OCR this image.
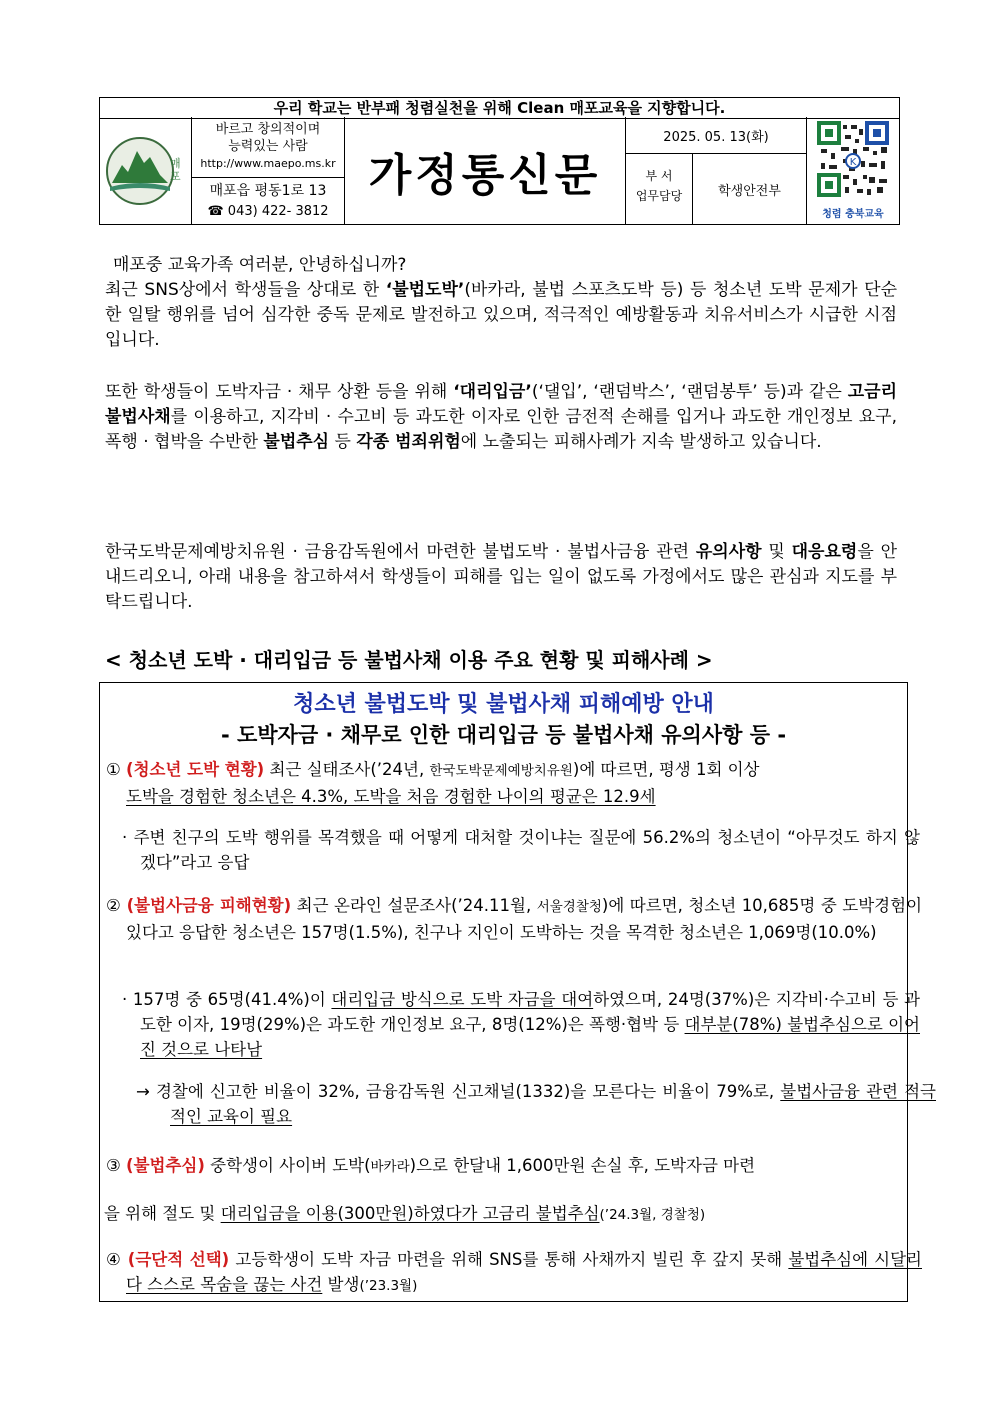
우리 학교는 반부패 청렴실천을 위해 Clean 매포교육을 지향합니다.
매포
바르고 창의적이며
능력있는 사람
http://www.maepo.ms.kr
매포읍 평동1로 13
☎ 043) 422- 3812
가정통신문
2025. 05. 13(화)
부 서
업무담당	학생안전부
K
청렴 충북교육
매포중 교육가족 여러분, 안녕하십니까?
최근 SNS상에서 학생들을 상대로 한 ‘불법도박’(바카라, 불법 스포츠도박 등) 등 청소년 도박 문제가 단순한 일탈 행위를 넘어 심각한 중독 문제로 발전하고 있으며, 적극적인 예방활동과 치유서비스가 시급한 시점입니다.
또한 학생들이 도박자금 · 채무 상환 등을 위해 ‘대리입금’(‘댈입’, ‘랜덤박스’, ‘랜덤봉투’ 등)과 같은 고금리 불법사채를 이용하고, 지각비 · 수고비 등 과도한 이자로 인한 금전적 손해를 입거나 과도한 개인정보 요구, 폭행 · 협박을 수반한 불법추심 등 각종 범죄위험에 노출되는 피해사례가 지속 발생하고 있습니다.
한국도박문제예방치유원 · 금융감독원에서 마련한 불법도박 · 불법사금융 관련 유의사항 및 대응요령을 안내드리오니, 아래 내용을 참고하셔서 학생들이 피해를 입는 일이 없도록 가정에서도 많은 관심과 지도를 부탁드립니다.
< 청소년 도박 · 대리입금 등 불법사채 이용 주요 현황 및 피해사례 >
청소년 불법도박 및 불법사채 피해예방 안내
- 도박자금 · 채무로 인한 대리입금 등 불법사채 유의사항 등 -
① (청소년 도박 현황) 최근 실태조사(’24년, 한국도박문제예방치유원)에 따르면, 평생 1회 이상
도박을 경험한 청소년은 4.3%, 도박을 처음 경험한 나이의 평균은 12.9세
· 주변 친구의 도박 행위를 목격했을 때 어떻게 대처할 것이냐는 질문에 56.2%의 청소년이 “아무것도 하지 않겠다”라고 응답
② (불법사금융 피해현황) 최근 온라인 설문조사(’24.11월, 서울경찰청)에 따르면, 청소년 10,685명 중 도박경험이 있다고 응답한 청소년은 157명(1.5%), 친구나 지인이 도박하는 것을 목격한 청소년은 1,069명(10.0%)
· 157명 중 65명(41.4%)이 대리입금 방식으로 도박 자금을 대여하였으며, 24명(37%)은 지각비·수고비 등 과도한 이자, 19명(29%)은 과도한 개인정보 요구, 8명(12%)은 폭행·협박 등 대부분(78%) 불법추심으로 이어진 것으로 나타남
→ 경찰에 신고한 비율이 32%, 금융감독원 신고채널(1332)을 모른다는 비율이 79%로, 불법사금융 관련 적극적인 교육이 필요
③ (불법추심) 중학생이 사이버 도박(바카라)으로 한달내 1,600만원 손실 후, 도박자금 마련
을 위해 절도 및 대리입금을 이용(300만원)하였다가 고금리 불법추심(’24.3월, 경찰청)
④ (극단적 선택) 고등학생이 도박 자금 마련을 위해 SNS를 통해 사채까지 빌린 후 갚지 못해 불법추심에 시달리다 스스로 목숨을 끊는 사건 발생(’23.3월)
